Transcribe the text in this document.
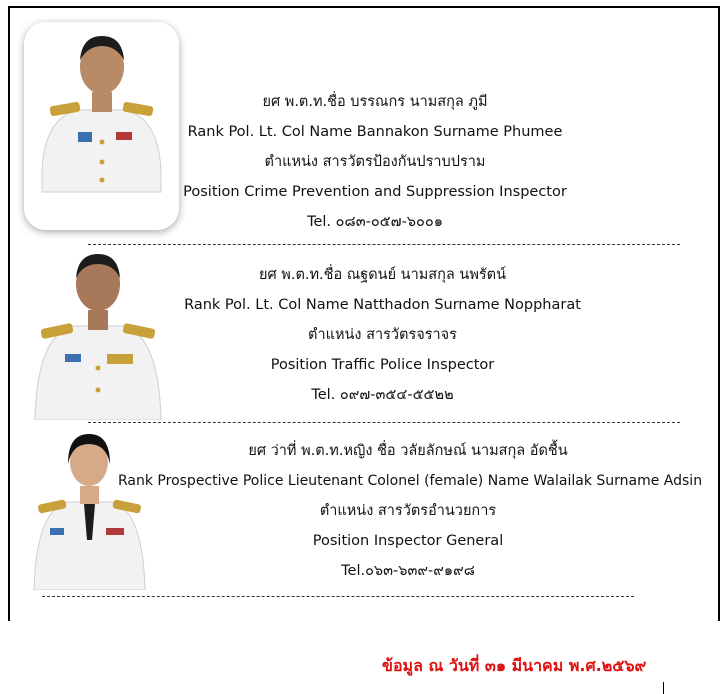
ยศ พ.ต.ท.ชื่อ บรรณกร นามสกุล ภูมี
Rank Pol. Lt. Col Name Bannakon Surname Phumee
ตำแหน่ง สารวัตรป้องกันปราบปราม
Position Crime Prevention and Suppression Inspector
Tel. ๐๘๓-๐๕๗-๖๐๐๑
ยศ พ.ต.ท.ชื่อ ณฐดนย์ นามสกุล นพรัตน์
Rank Pol. Lt. Col Name Natthadon Surname Noppharat
ตำแหน่ง สารวัตรจราจร
Position Traffic Police Inspector
Tel. ๐๙๗-๓๕๔-๕๕๒๒
ยศ ว่าที่ พ.ต.ท.หญิง ชื่อ วลัยลักษณ์ นามสกุล อัดชื้น
Rank Prospective Police Lieutenant Colonel (female) Name Walailak Surname Adsin
ตำแหน่ง สารวัตรอำนวยการ
Position Inspector General
Tel.๐๖๓-๖๓๙-๙๑๙๘
ข้อมูล ณ วันที่ ๓๑ มีนาคม พ.ศ.๒๕๖๙
